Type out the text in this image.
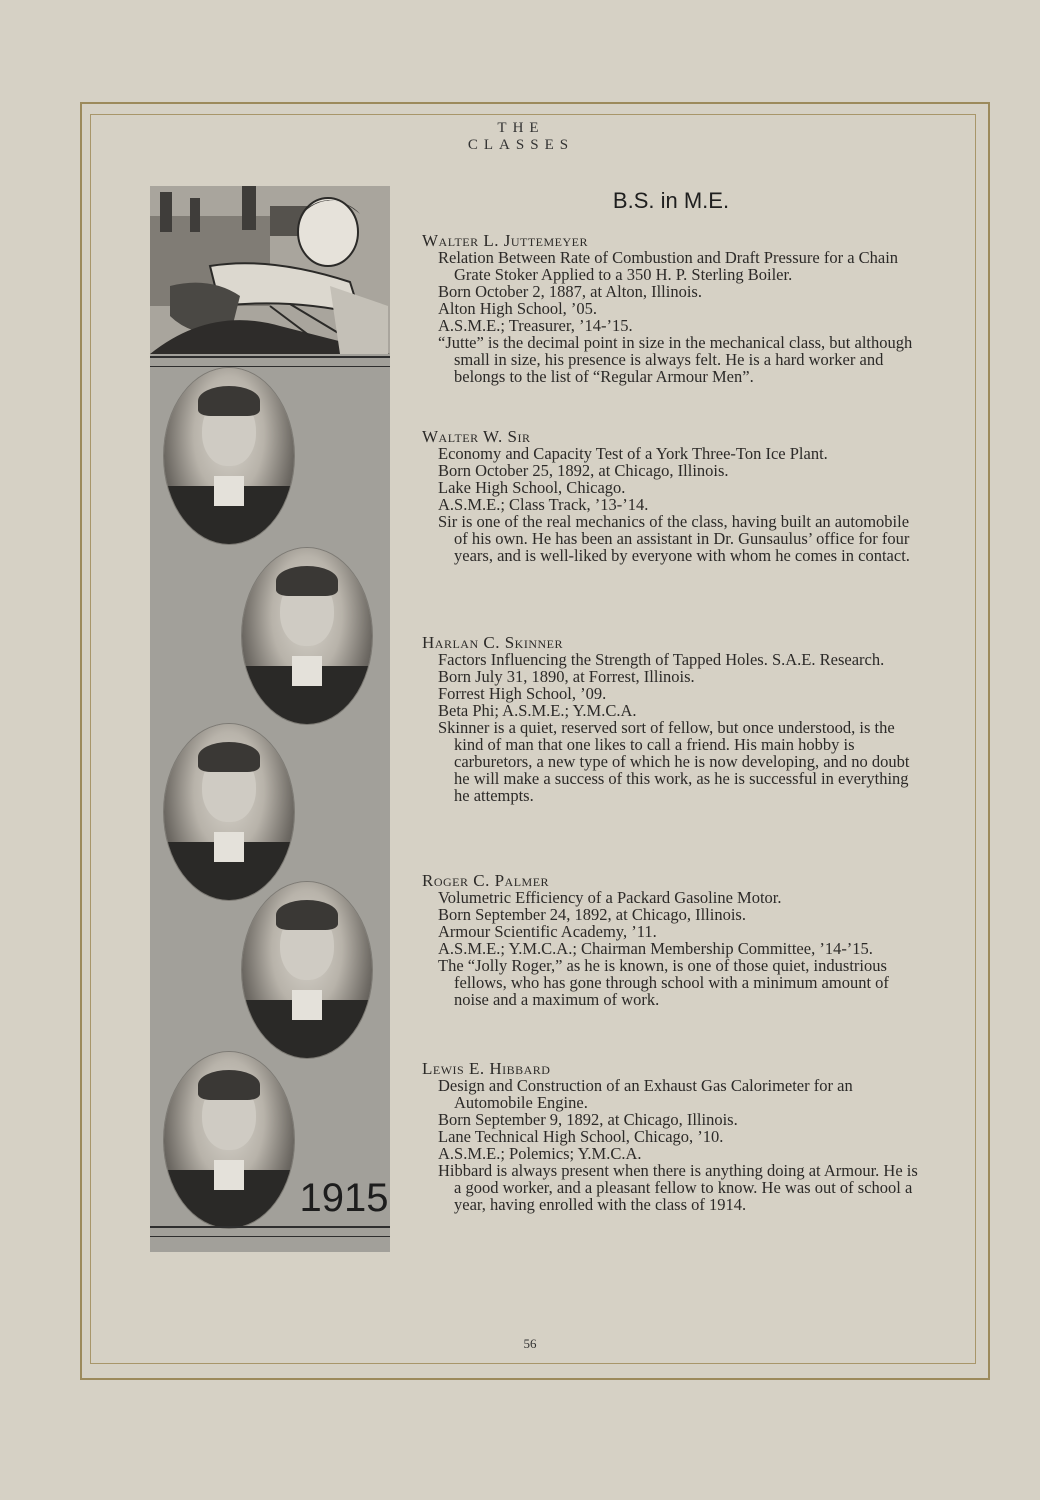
THE CLASSES
B.S. in M.E.
1915
Walter L. Juttemeyer
Relation Between Rate of Combustion and Draft Pressure for a Chain Grate Stoker Applied to a 350 H. P. Sterling Boiler.
Born October 2, 1887, at Alton, Illinois.
Alton High School, ’05.
A.S.M.E.; Treasurer, ’14-’15.
“Jutte” is the decimal point in size in the mechanical class, but although small in size, his presence is always felt. He is a hard worker and belongs to the list of “Regular Armour Men”.
Walter W. Sir
Economy and Capacity Test of a York Three-Ton Ice Plant.
Born October 25, 1892, at Chicago, Illinois.
Lake High School, Chicago.
A.S.M.E.; Class Track, ’13-’14.
Sir is one of the real mechanics of the class, having built an automobile of his own. He has been an assistant in Dr. Gunsaulus’ office for four years, and is well-liked by everyone with whom he comes in contact.
Harlan C. Skinner
Factors Influencing the Strength of Tapped Holes. S.A.E. Research.
Born July 31, 1890, at Forrest, Illinois.
Forrest High School, ’09.
Beta Phi; A.S.M.E.; Y.M.C.A.
Skinner is a quiet, reserved sort of fellow, but once understood, is the kind of man that one likes to call a friend. His main hobby is carburetors, a new type of which he is now developing, and no doubt he will make a success of this work, as he is successful in everything he attempts.
Roger C. Palmer
Volumetric Efficiency of a Packard Gasoline Motor.
Born September 24, 1892, at Chicago, Illinois.
Armour Scientific Academy, ’11.
A.S.M.E.; Y.M.C.A.; Chairman Membership Committee, ’14-’15.
The “Jolly Roger,” as he is known, is one of those quiet, industrious fellows, who has gone through school with a minimum amount of noise and a maximum of work.
Lewis E. Hibbard
Design and Construction of an Exhaust Gas Calorimeter for an Automobile Engine.
Born September 9, 1892, at Chicago, Illinois.
Lane Technical High School, Chicago, ’10.
A.S.M.E.; Polemics; Y.M.C.A.
Hibbard is always present when there is anything doing at Armour. He is a good worker, and a pleasant fellow to know. He was out of school a year, having enrolled with the class of 1914.
56
